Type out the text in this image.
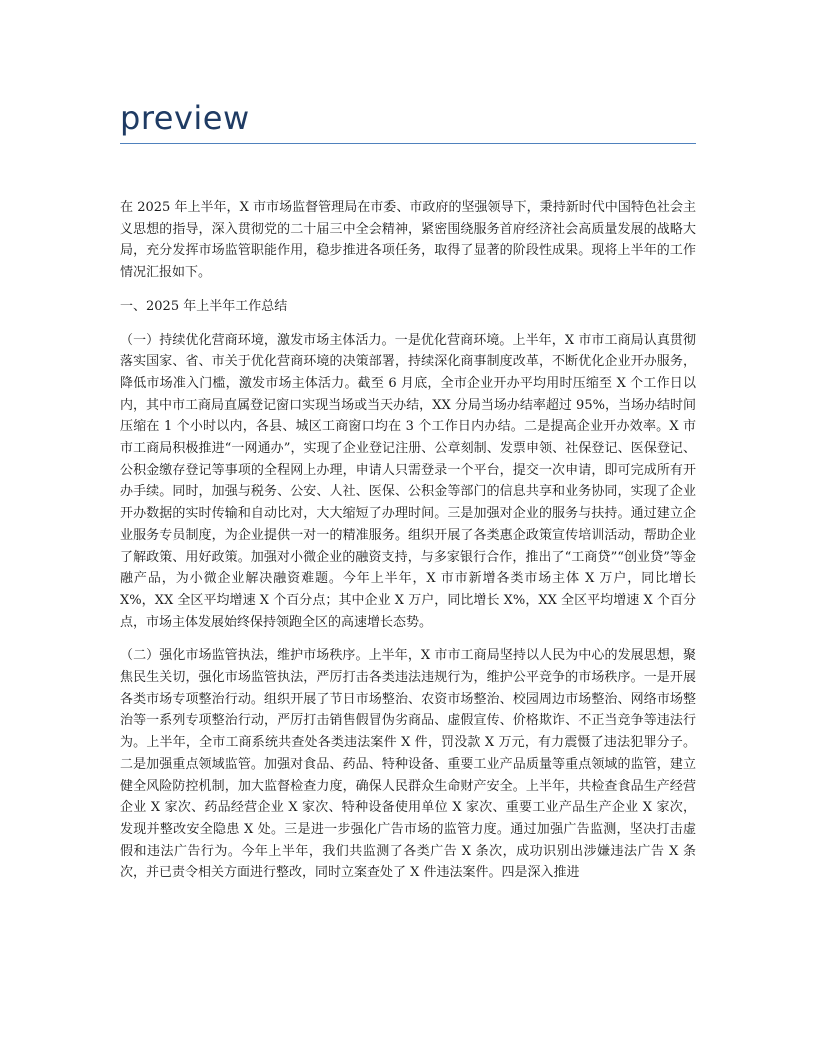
preview

在 2025 年上半年，X 市市场监督管理局在市委、市政府的坚强领导下，秉持新时代中国特色社会主义思想的指导，深入贯彻党的二十届三中全会精神，紧密围绕服务首府经济社会高质量发展的战略大局，充分发挥市场监管职能作用，稳步推进各项任务，取得了显著的阶段性成果。现将上半年的工作情况汇报如下。

一、2025 年上半年工作总结

（一）持续优化营商环境，激发市场主体活力。一是优化营商环境。上半年，X 市市工商局认真贯彻落实国家、省、市关于优化营商环境的决策部署，持续深化商事制度改革，不断优化企业开办服务，降低市场准入门槛，激发市场主体活力。截至 6 月底，全市企业开办平均用时压缩至 X 个工作日以内，其中市工商局直属登记窗口实现当场或当天办结，XX 分局当场办结率超过 95%，当场办结时间压缩在 1 个小时以内，各县、城区工商窗口均在 3 个工作日内办结。二是提高企业开办效率。X 市市工商局积极推进“一网通办”，实现了企业登记注册、公章刻制、发票申领、社保登记、医保登记、公积金缴存登记等事项的全程网上办理，申请人只需登录一个平台，提交一次申请，即可完成所有开办手续。同时，加强与税务、公安、人社、医保、公积金等部门的信息共享和业务协同，实现了企业开办数据的实时传输和自动比对，大大缩短了办理时间。三是加强对企业的服务与扶持。通过建立企业服务专员制度，为企业提供一对一的精准服务。组织开展了各类惠企政策宣传培训活动，帮助企业了解政策、用好政策。加强对小微企业的融资支持，与多家银行合作，推出了“工商贷”“创业贷”等金融产品，为小微企业解决融资难题。今年上半年，X 市市新增各类市场主体 X 万户，同比增长 X%，XX 全区平均增速 X 个百分点；其中企业 X 万户，同比增长 X%，XX 全区平均增速 X 个百分点，市场主体发展始终保持领跑全区的高速增长态势。

（二）强化市场监管执法，维护市场秩序。上半年，X 市市工商局坚持以人民为中心的发展思想，聚焦民生关切，强化市场监管执法，严厉打击各类违法违规行为，维护公平竞争的市场秩序。一是开展各类市场专项整治行动。组织开展了节日市场整治、农资市场整治、校园周边市场整治、网络市场整治等一系列专项整治行动，严厉打击销售假冒伪劣商品、虚假宣传、价格欺诈、不正当竞争等违法行为。上半年，全市工商系统共查处各类违法案件 X 件，罚没款 X 万元，有力震慑了违法犯罪分子。二是加强重点领域监管。加强对食品、药品、特种设备、重要工业产品质量等重点领域的监管，建立健全风险防控机制，加大监督检查力度，确保人民群众生命财产安全。上半年，共检查食品生产经营企业 X 家次、药品经营企业 X 家次、特种设备使用单位 X 家次、重要工业产品生产企业 X 家次，发现并整改安全隐患 X 处。三是进一步强化广告市场的监管力度。通过加强广告监测，坚决打击虚假和违法广告行为。今年上半年，我们共监测了各类广告 X 条次，成功识别出涉嫌违法广告 X 条次，并已责令相关方面进行整改，同时立案查处了 X 件违法案件。四是深入推进
